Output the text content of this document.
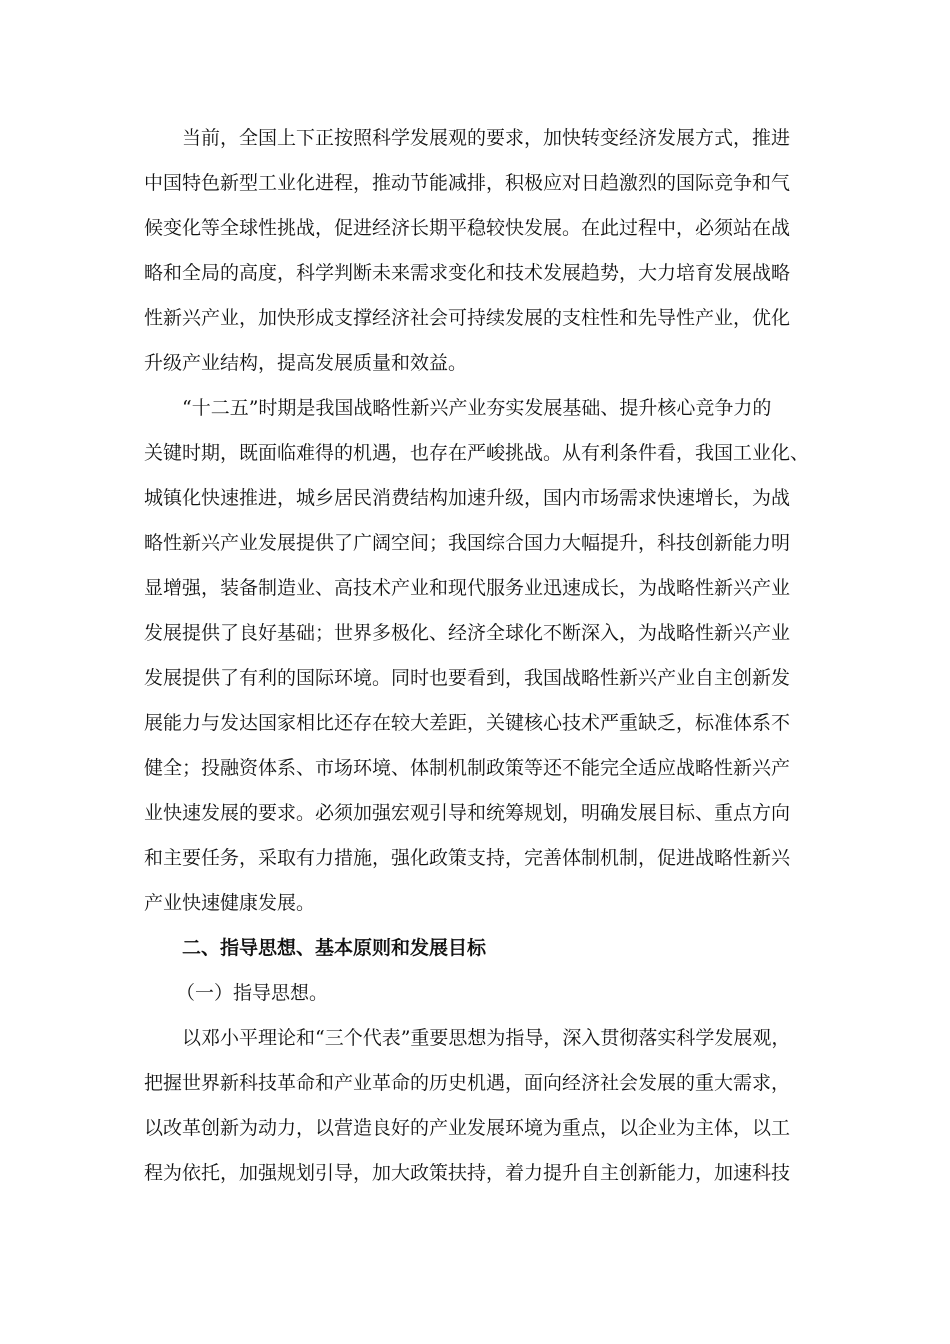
当前，全国上下正按照科学发展观的要求，加快转变经济发展方式，推进
中国特色新型工业化进程，推动节能减排，积极应对日趋激烈的国际竞争和气
候变化等全球性挑战，促进经济长期平稳较快发展。在此过程中，必须站在战
略和全局的高度，科学判断未来需求变化和技术发展趋势，大力培育发展战略
性新兴产业，加快形成支撑经济社会可持续发展的支柱性和先导性产业，优化
升级产业结构，提高发展质量和效益。
“十二五”时期是我国战略性新兴产业夯实发展基础、提升核心竞争力的
关键时期，既面临难得的机遇，也存在严峻挑战。从有利条件看，我国工业化、
城镇化快速推进，城乡居民消费结构加速升级，国内市场需求快速增长，为战
略性新兴产业发展提供了广阔空间；我国综合国力大幅提升，科技创新能力明
显增强，装备制造业、高技术产业和现代服务业迅速成长，为战略性新兴产业
发展提供了良好基础；世界多极化、经济全球化不断深入，为战略性新兴产业
发展提供了有利的国际环境。同时也要看到，我国战略性新兴产业自主创新发
展能力与发达国家相比还存在较大差距，关键核心技术严重缺乏，标准体系不
健全；投融资体系、市场环境、体制机制政策等还不能完全适应战略性新兴产
业快速发展的要求。必须加强宏观引导和统筹规划，明确发展目标、重点方向
和主要任务，采取有力措施，强化政策支持，完善体制机制，促进战略性新兴
产业快速健康发展。
二、指导思想、基本原则和发展目标
（一）指导思想。
以邓小平理论和“三个代表”重要思想为指导，深入贯彻落实科学发展观，
把握世界新科技革命和产业革命的历史机遇，面向经济社会发展的重大需求，
以改革创新为动力，以营造良好的产业发展环境为重点，以企业为主体，以工
程为依托，加强规划引导，加大政策扶持，着力提升自主创新能力，加速科技
